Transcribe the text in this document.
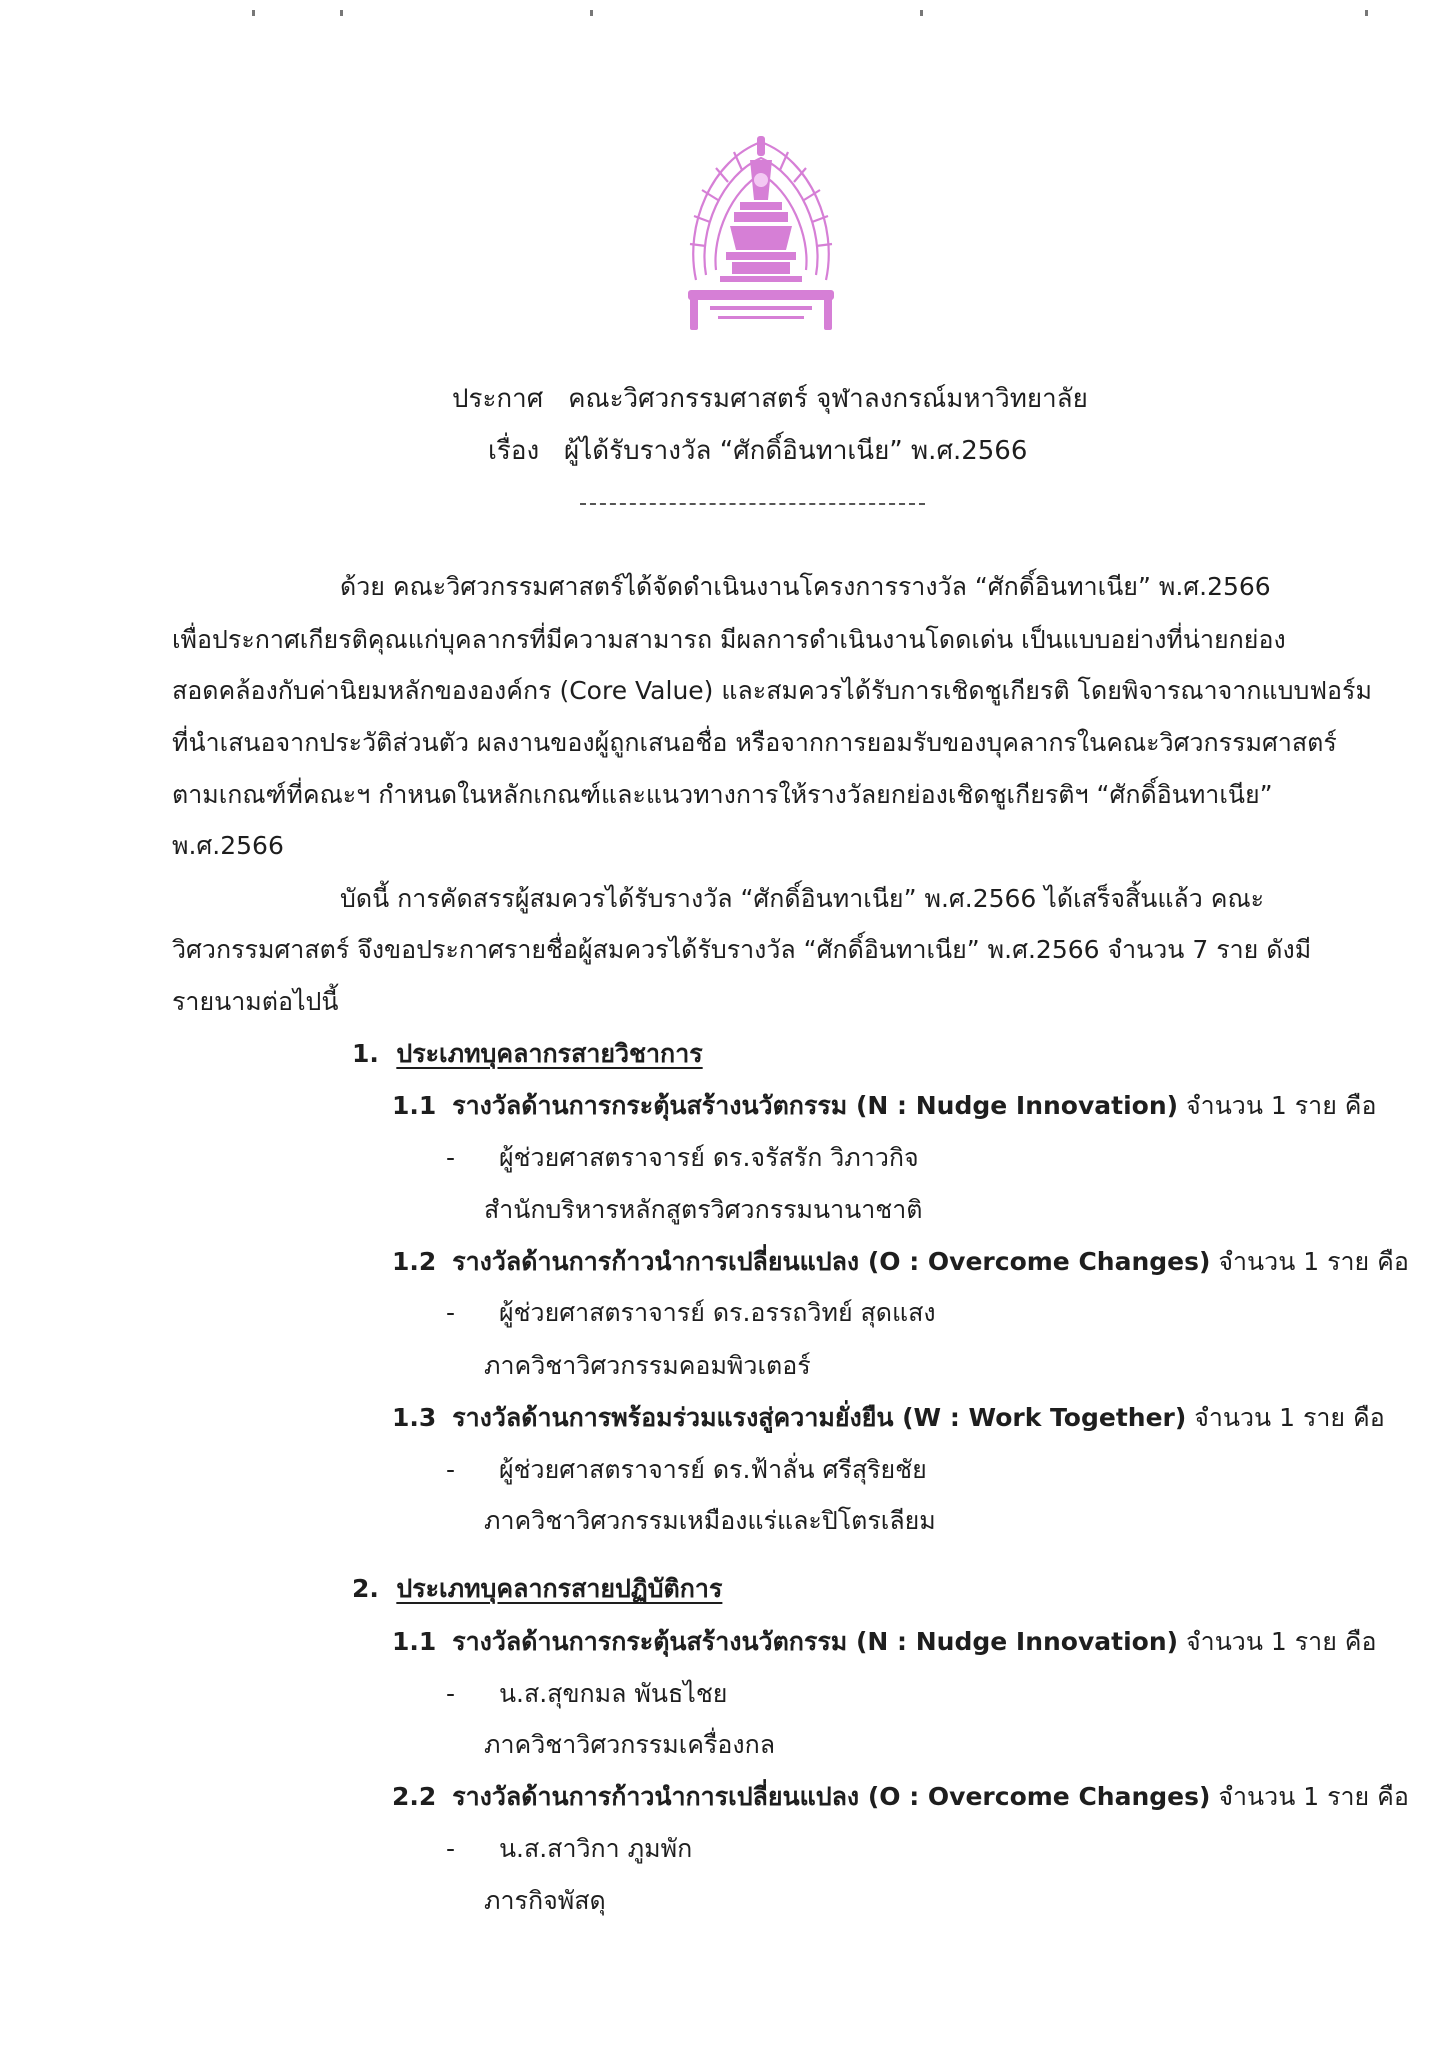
ประกาศ คณะวิศวกรรมศาสตร์ จุฬาลงกรณ์มหาวิทยาลัย
เรื่อง ผู้ได้รับรางวัล “ศักดิ์อินทาเนีย” พ.ศ.2566
ด้วย คณะวิศวกรรมศาสตร์ได้จัดดำเนินงานโครงการรางวัล “ศักดิ์อินทาเนีย” พ.ศ.2566
เพื่อประกาศเกียรติคุณแก่บุคลากรที่มีความสามารถ มีผลการดำเนินงานโดดเด่น เป็นแบบอย่างที่น่ายกย่อง
สอดคล้องกับค่านิยมหลักขององค์กร (Core Value) และสมควรได้รับการเชิดชูเกียรติ โดยพิจารณาจากแบบฟอร์ม
ที่นำเสนอจากประวัติส่วนตัว ผลงานของผู้ถูกเสนอชื่อ หรือจากการยอมรับของบุคลากรในคณะวิศวกรรมศาสตร์
ตามเกณฑ์ที่คณะฯ กำหนดในหลักเกณฑ์และแนวทางการให้รางวัลยกย่องเชิดชูเกียรติฯ “ศักดิ์อินทาเนีย”
พ.ศ.2566
บัดนี้ การคัดสรรผู้สมควรได้รับรางวัล “ศักดิ์อินทาเนีย” พ.ศ.2566 ได้เสร็จสิ้นแล้ว คณะ
วิศวกรรมศาสตร์ จึงขอประกาศรายชื่อผู้สมควรได้รับรางวัล “ศักดิ์อินทาเนีย” พ.ศ.2566 จำนวน 7 ราย ดังมี
รายนามต่อไปนี้
1. ประเภทบุคลากรสายวิชาการ
1.1 รางวัลด้านการกระตุ้นสร้างนวัตกรรม (N : Nudge Innovation) จำนวน 1 ราย คือ
- ผู้ช่วยศาสตราจารย์ ดร.จรัสรัก วิภาวกิจ
สำนักบริหารหลักสูตรวิศวกรรมนานาชาติ
1.2 รางวัลด้านการก้าวนำการเปลี่ยนแปลง (O : Overcome Changes) จำนวน 1 ราย คือ
- ผู้ช่วยศาสตราจารย์ ดร.อรรถวิทย์ สุดแสง
ภาควิชาวิศวกรรมคอมพิวเตอร์
1.3 รางวัลด้านการพร้อมร่วมแรงสู่ความยั่งยืน (W : Work Together) จำนวน 1 ราย คือ
- ผู้ช่วยศาสตราจารย์ ดร.ฟ้าลั่น ศรีสุริยชัย
ภาควิชาวิศวกรรมเหมืองแร่และปิโตรเลียม
2. ประเภทบุคลากรสายปฏิบัติการ
1.1 รางวัลด้านการกระตุ้นสร้างนวัตกรรม (N : Nudge Innovation) จำนวน 1 ราย คือ
- น.ส.สุขกมล พันธไชย
ภาควิชาวิศวกรรมเครื่องกล
2.2 รางวัลด้านการก้าวนำการเปลี่ยนแปลง (O : Overcome Changes) จำนวน 1 ราย คือ
- น.ส.สาวิกา ภูมพัก
ภารกิจพัสดุ
